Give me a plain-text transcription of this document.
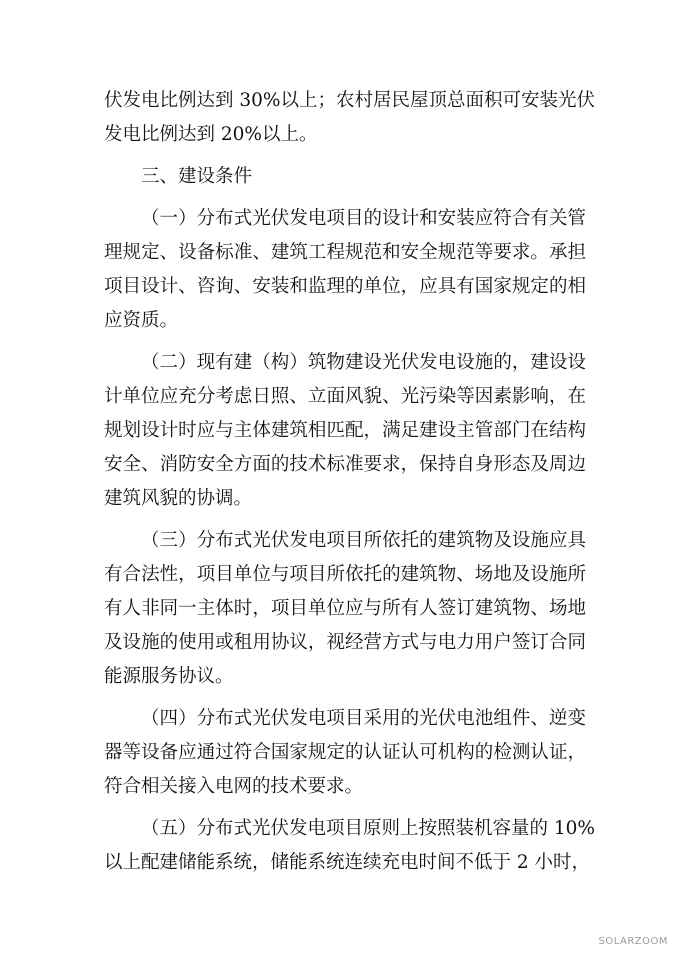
伏发电比例达到 30%以上；农村居民屋顶总面积可安装光伏
发电比例达到 20%以上。
三、建设条件
（一）分布式光伏发电项目的设计和安装应符合有关管
理规定、设备标准、建筑工程规范和安全规范等要求。承担
项目设计、咨询、安装和监理的单位，应具有国家规定的相
应资质。
（二）现有建（构）筑物建设光伏发电设施的，建设设
计单位应充分考虑日照、立面风貌、光污染等因素影响，在
规划设计时应与主体建筑相匹配，满足建设主管部门在结构
安全、消防安全方面的技术标准要求，保持自身形态及周边
建筑风貌的协调。
（三）分布式光伏发电项目所依托的建筑物及设施应具
有合法性，项目单位与项目所依托的建筑物、场地及设施所
有人非同一主体时，项目单位应与所有人签订建筑物、场地
及设施的使用或租用协议，视经营方式与电力用户签订合同
能源服务协议。
（四）分布式光伏发电项目采用的光伏电池组件、逆变
器等设备应通过符合国家规定的认证认可机构的检测认证，
符合相关接入电网的技术要求。
（五）分布式光伏发电项目原则上按照装机容量的 10%
以上配建储能系统，储能系统连续充电时间不低于 2 小时，
SOLARZOOM
